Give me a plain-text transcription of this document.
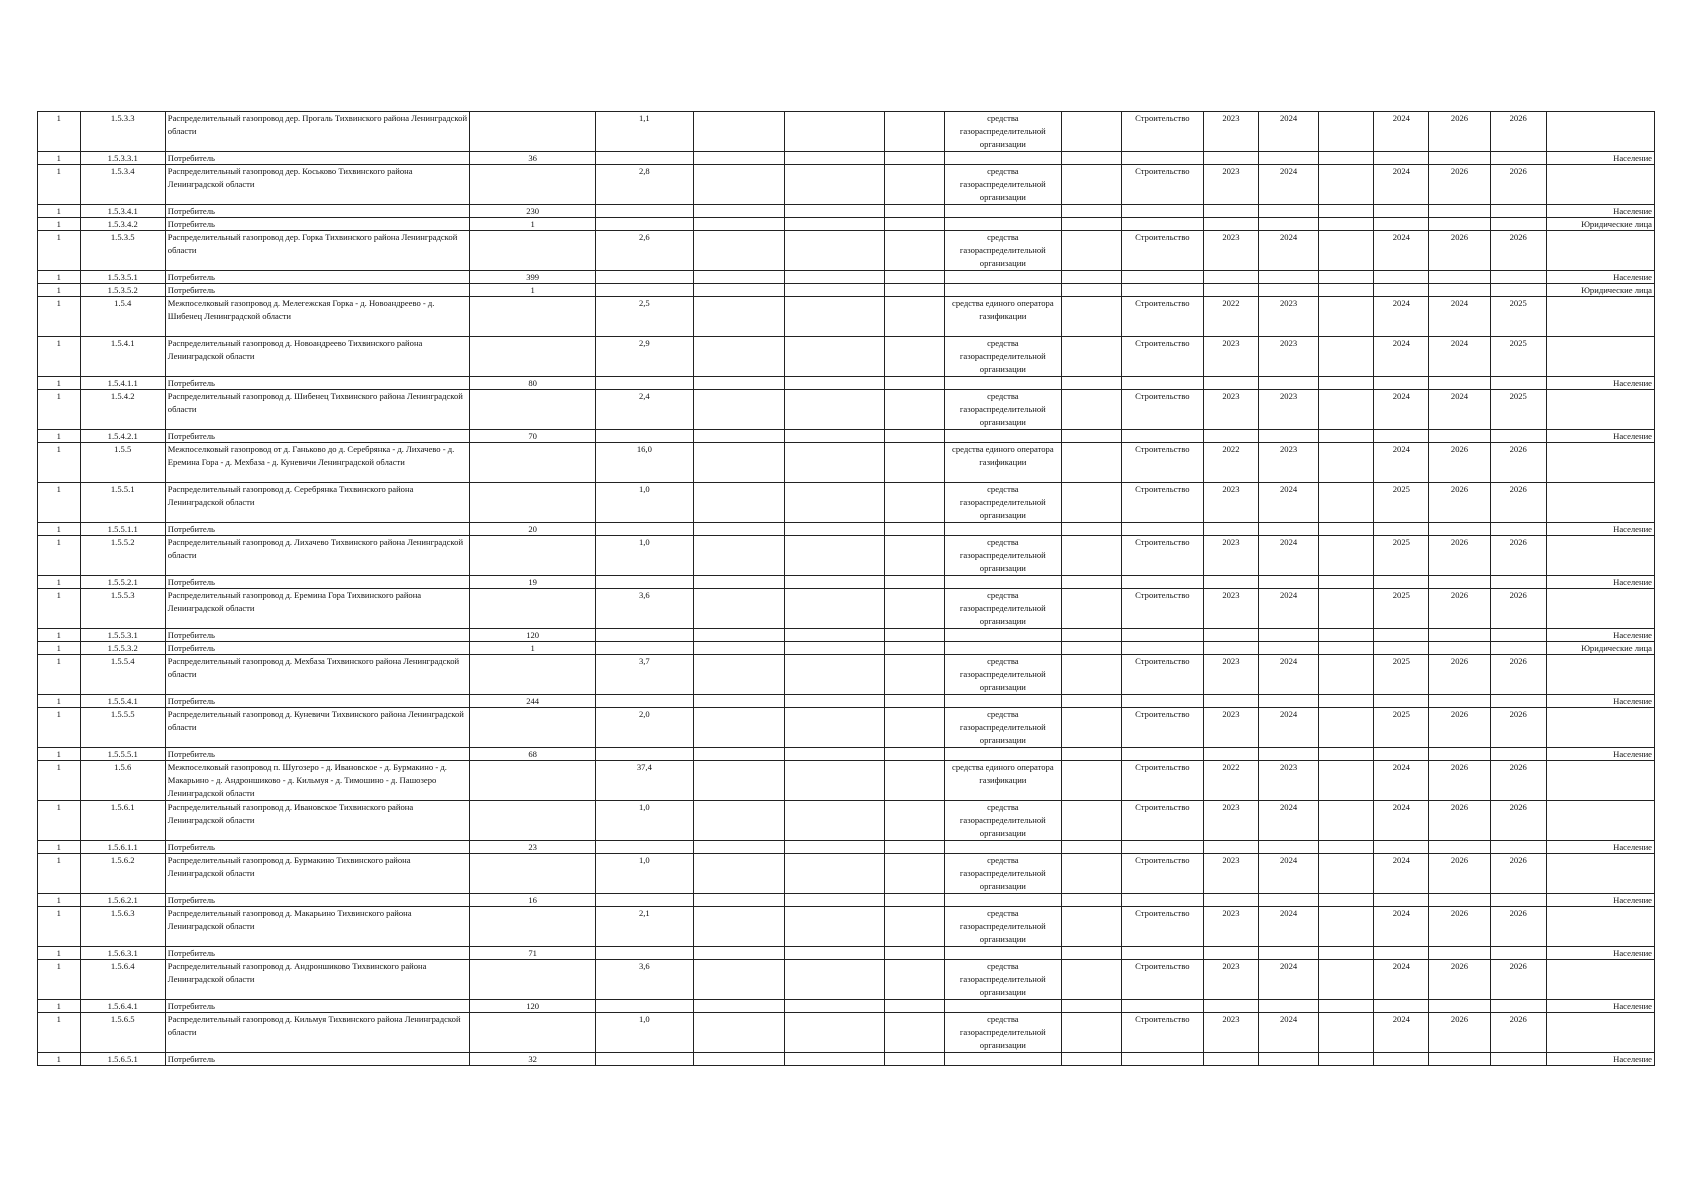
1	1.5.3.3	Распределительный газопровод дер. Прогаль Тихвинского района Ленинградской области		1,1				средства газораспределительной организации		Строительство	2023	2024		2024	2026	2026	
1	1.5.3.3.1	Потребитель	36														Население
1	1.5.3.4	Распределительный газопровод дер. Коськово Тихвинского района Ленинградской области		2,8				средства газораспределительной организации		Строительство	2023	2024		2024	2026	2026	
1	1.5.3.4.1	Потребитель	230														Население
1	1.5.3.4.2	Потребитель	1														Юридические лица
1	1.5.3.5	Распределительный газопровод дер. Горка Тихвинского района Ленинградской области		2,6				средства газораспределительной организации		Строительство	2023	2024		2024	2026	2026	
1	1.5.3.5.1	Потребитель	399														Население
1	1.5.3.5.2	Потребитель	1														Юридические лица
1	1.5.4	Межпоселковый газопровод д. Мелегежская Горка - д. Новоандреево - д. Шибенец Ленинградской области		2,5				средства единого оператора газификации		Строительство	2022	2023		2024	2024	2025	
1	1.5.4.1	Распределительный газопровод д. Новоандреево Тихвинского района Ленинградской области		2,9				средства газораспределительной организации		Строительство	2023	2023		2024	2024	2025	
1	1.5.4.1.1	Потребитель	80														Население
1	1.5.4.2	Распределительный газопровод д. Шибенец Тихвинского района Ленинградской области		2,4				средства газораспределительной организации		Строительство	2023	2023		2024	2024	2025	
1	1.5.4.2.1	Потребитель	70														Население
1	1.5.5	Межпоселковый газопровод от д. Ганьково до д. Серебрянка - д. Лихачево - д. Еремина Гора - д. Мехбаза - д. Куневичи Ленинградской области		16,0				средства единого оператора газификации		Строительство	2022	2023		2024	2026	2026	
1	1.5.5.1	Распределительный газопровод д. Серебрянка Тихвинского района Ленинградской области		1,0				средства газораспределительной организации		Строительство	2023	2024		2025	2026	2026	
1	1.5.5.1.1	Потребитель	20														Население
1	1.5.5.2	Распределительный газопровод д. Лихачево Тихвинского района Ленинградской области		1,0				средства газораспределительной организации		Строительство	2023	2024		2025	2026	2026	
1	1.5.5.2.1	Потребитель	19														Население
1	1.5.5.3	Распределительный газопровод д. Еремина Гора Тихвинского района Ленинградской области		3,6				средства газораспределительной организации		Строительство	2023	2024		2025	2026	2026	
1	1.5.5.3.1	Потребитель	120														Население
1	1.5.5.3.2	Потребитель	1														Юридические лица
1	1.5.5.4	Распределительный газопровод д. Мехбаза Тихвинского района Ленинградской области		3,7				средства газораспределительной организации		Строительство	2023	2024		2025	2026	2026	
1	1.5.5.4.1	Потребитель	244														Население
1	1.5.5.5	Распределительный газопровод д. Куневичи Тихвинского района Ленинградской области		2,0				средства газораспределительной организации		Строительство	2023	2024		2025	2026	2026	
1	1.5.5.5.1	Потребитель	68														Население
1	1.5.6	Межпоселковый газопровод п. Шугозеро - д. Ивановское - д. Бурмакино - д. Макарьино - д. Андроншиково - д. Кильмуя - д. Тимошино - д. Пашозеро Ленинградской области		37,4				средства единого оператора газификации		Строительство	2022	2023		2024	2026	2026	
1	1.5.6.1	Распределительный газопровод д. Ивановское Тихвинского района Ленинградской области		1,0				средства газораспределительной организации		Строительство	2023	2024		2024	2026	2026	
1	1.5.6.1.1	Потребитель	23														Население
1	1.5.6.2	Распределительный газопровод д. Бурмакино Тихвинского района Ленинградской области		1,0				средства газораспределительной организации		Строительство	2023	2024		2024	2026	2026	
1	1.5.6.2.1	Потребитель	16														Население
1	1.5.6.3	Распределительный газопровод д. Макарьино Тихвинского района Ленинградской области		2,1				средства газораспределительной организации		Строительство	2023	2024		2024	2026	2026	
1	1.5.6.3.1	Потребитель	71														Население
1	1.5.6.4	Распределительный газопровод д. Андроншиково Тихвинского района Ленинградской области		3,6				средства газораспределительной организации		Строительство	2023	2024		2024	2026	2026	
1	1.5.6.4.1	Потребитель	120														Население
1	1.5.6.5	Распределительный газопровод д. Кильмуя Тихвинского района Ленинградской области		1,0				средства газораспределительной организации		Строительство	2023	2024		2024	2026	2026	
1	1.5.6.5.1	Потребитель	32														Население
